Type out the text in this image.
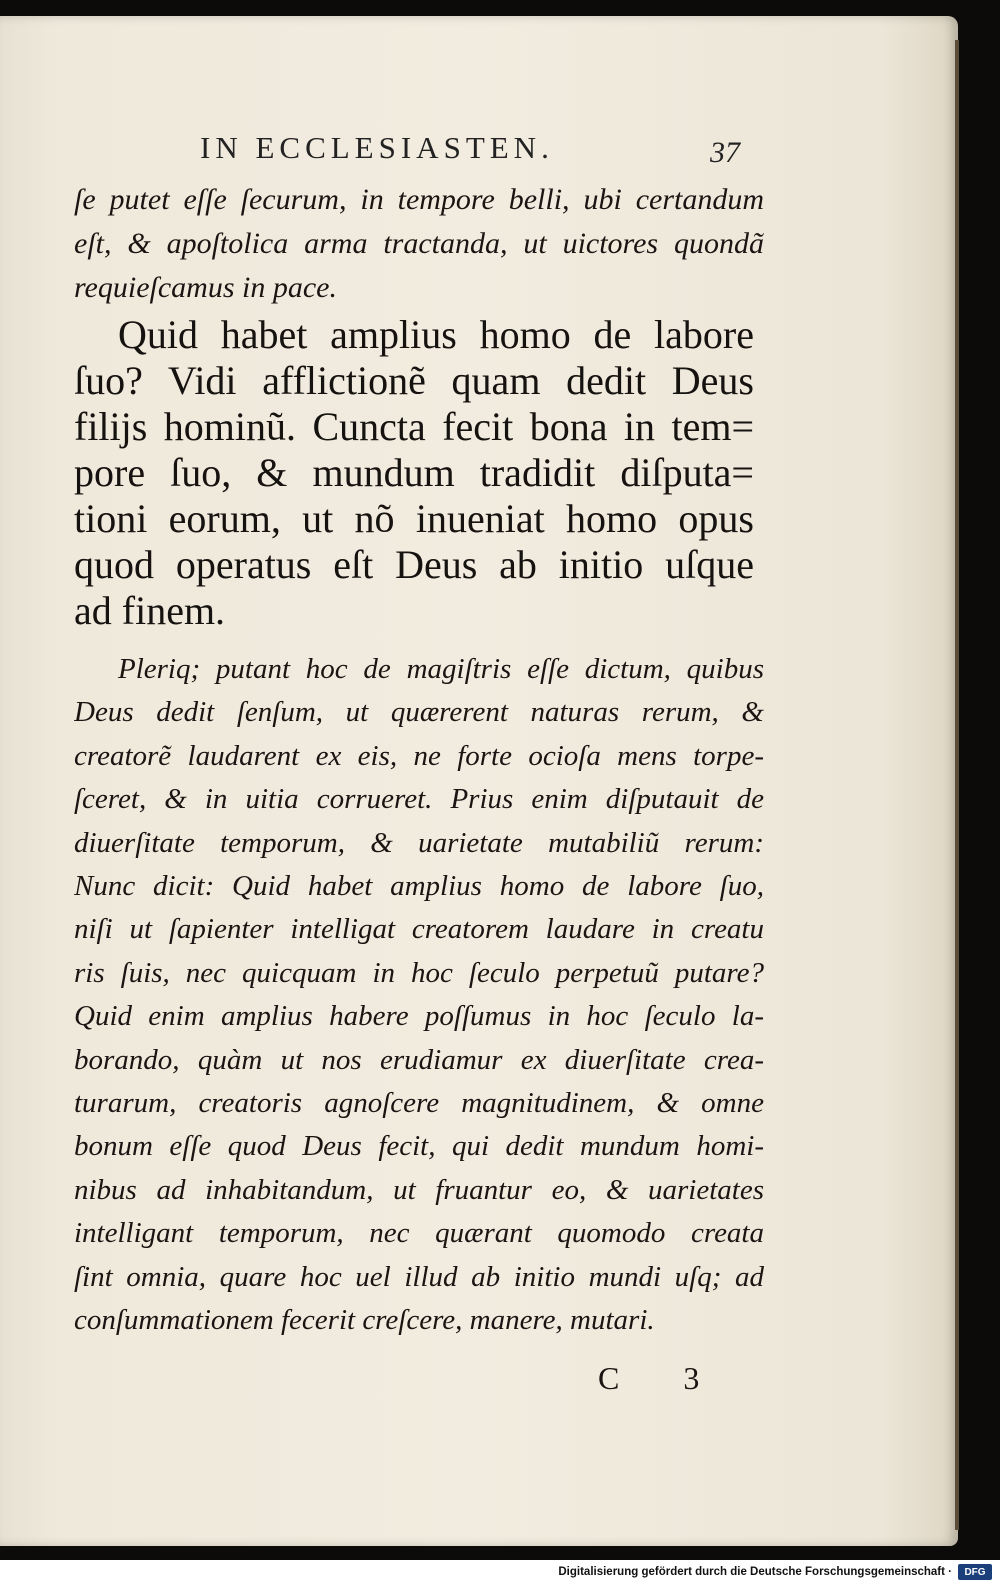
IN ECCLESIASTEN.	37
ſe putet eſſe ſecurum, in tempore belli, ubi certandum
eſt, & apoſtolica arma tractanda, ut uictores quondã
requieſcamus in pace.
Quid habet amplius homo de labore
ſuo? Vidi afflictionẽ quam dedit Deus
filijs hominũ. Cuncta fecit bona in tem=
pore ſuo, & mundum tradidit diſputa=
tioni eorum, ut nõ inueniat homo opus
quod operatus eſt Deus ab initio uſque
ad finem.
Pleriq; putant hoc de magiſtris eſſe dictum, quibus
Deus dedit ſenſum, ut quærerent naturas rerum, &
creatorẽ laudarent ex eis, ne forte ocioſa mens torpe-
ſceret, & in uitia corrueret. Prius enim diſputauit de
diuerſitate temporum, & uarietate mutabiliũ rerum:
Nunc dicit: Quid habet amplius homo de labore ſuo,
niſi ut ſapienter intelligat creatorem laudare in creatu
ris ſuis, nec quicquam in hoc ſeculo perpetuũ putare?
Quid enim amplius habere poſſumus in hoc ſeculo la-
borando, quàm ut nos erudiamur ex diuerſitate crea-
turarum, creatoris agnoſcere magnitudinem, & omne
bonum eſſe quod Deus fecit, qui dedit mundum homi-
nibus ad inhabitandum, ut fruantur eo, & uarietates
intelligant temporum, nec quærant quomodo creata
ſint omnia, quare hoc uel illud ab initio mundi uſq; ad
conſummationem fecerit creſcere, manere, mutari.
C 3
Digitalisierung gefördert durch die Deutsche Forschungsgemeinschaft ·	DFG
